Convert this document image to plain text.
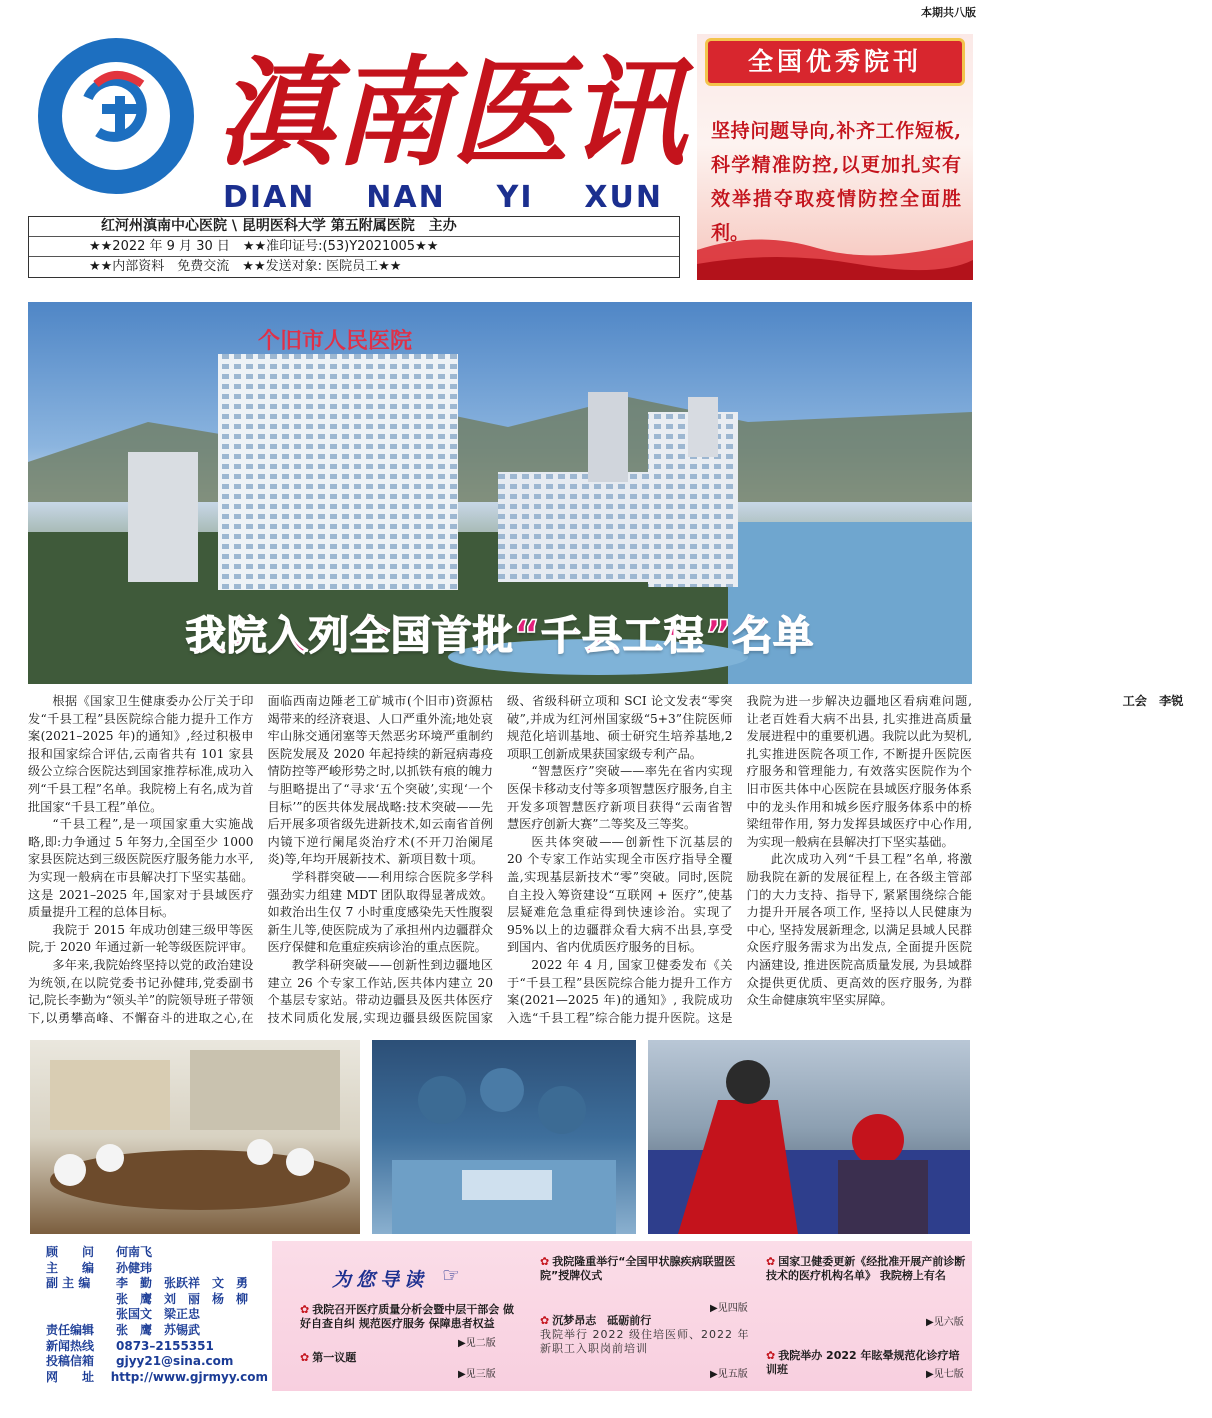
本期共八版
滇 南 医 讯
DIAN NAN YI XUN
红河州滇南中心医院 \ 昆明医科大学 第五附属医院　主办
★★2022 年 9 月 30 日　★★准印证号:(53)Y2021005★★
★★内部资料　免费交流　★★发送对象: 医院员工★★
全国优秀院刊
坚持问题导向,补齐工作短板,科学精准防控,以更加扎实有效举措夺取疫情防控全面胜利。
个旧市人民医院
我院入列全国首批“千县工程”名单

根据《国家卫生健康委办公厅关于印发“千县工程”县医院综合能力提升工作方案(2021–2025 年)的通知》,经过积极申报和国家综合评估,云南省共有 101 家县级公立综合医院达到国家推荐标准,成功入列“千县工程”名单。我院榜上有名,成为首批国家“千县工程”单位。

“千县工程”,是一项国家重大实施战略,即:力争通过 5 年努力,全国至少 1000 家县医院达到三级医院医疗服务能力水平,为实现一般病在市县解决打下坚实基础。这是 2021–2025 年,国家对于县域医疗质量提升工程的总体目标。

我院于 2015 年成功创建三级甲等医院,于 2020 年通过新一轮等级医院评审。

多年来,我院始终坚持以党的政治建设为统领,在以院党委书记孙健玮,党委副书记,院长李勤为“领头羊”的院领导班子带领下,以勇攀高峰、不懈奋斗的进取之心,在面临西南边陲老工矿城市(个旧市)资源枯竭带来的经济衰退、人口严重外流;地处哀牢山脉交通闭塞等天然恶劣环境严重制约医院发展及 2020 年起持续的新冠病毒疫情防控等严峻形势之时,以抓铁有痕的魄力与胆略提出了“寻求‘五个突破’,实现‘一个目标’”的医共体发展战略:技术突破——先后开展多项省级先进新技术,如云南省首例内镜下逆行阑尾炎治疗术(不开刀治阑尾炎)等,年均开展新技术、新项目数十项。

学科群突破——利用综合医院多学科强劲实力组建 MDT 团队取得显著成效。如救治出生仅 7 小时重度感染先天性腹裂新生儿等,使医院成为了承担州内边疆群众医疗保健和危重症疾病诊治的重点医院。

教学科研突破——创新性到边疆地区建立 26 个专家工作站,医共体内建立 20 个基层专家站。带动边疆县及医共体医疗技术同质化发展,实现边疆县级医院国家级、省级科研立项和 SCI 论文发表“零突破”,并成为红河州国家级“5+3”住院医师规范化培训基地、硕士研究生培养基地,2 项职工创新成果获国家级专利产品。

“智慧医疗”突破——率先在省内实现医保卡移动支付等多项智慧医疗服务,自主开发多项智慧医疗新项目获得“云南省智慧医疗创新大赛”二等奖及三等奖。

医共体突破——创新性下沉基层的 20 个专家工作站实现全市医疗指导全覆盖,实现基层新技术“零”突破。同时,医院自主投入筹资建设“互联网 + 医疗”,使基层疑难危急重症得到快速诊治。实现了 95%以上的边疆群众看大病不出县,享受到国内、省内优质医疗服务的目标。

2022 年 4 月, 国家卫健委发布《关于“千县工程”县医院综合能力提升工作方案(2021—2025 年)的通知》, 我院成功入选“千县工程”综合能力提升医院。这是我院为进一步解决边疆地区看病难问题, 让老百姓看大病不出县, 扎实推进高质量发展进程中的重要机遇。我院以此为契机, 扎实推进医院各项工作, 不断提升医院医疗服务和管理能力, 有效落实医院作为个旧市医共体中心医院在县域医疗服务体系中的龙头作用和城乡医疗服务体系中的桥梁纽带作用, 努力发挥县域医疗中心作用, 为实现一般病在县解决打下坚实基础。

此次成功入列“千县工程”名单, 将激励我院在新的发展征程上, 在各级主管部门的大力支持、指导下, 紧紧围绕综合能力提升开展各项工作, 坚持以人民健康为中心, 坚持发展新理念, 以满足县域人民群众医疗服务需求为出发点, 全面提升医院内涵建设, 推进医院高质量发展, 为县域群众提供更优质、更高效的医疗服务, 为群众生命健康筑牢坚实屏障。

工会　李锐
顾　　问	何南飞
主　　编	孙健玮
副 主 编	李　勤　张跃祥　文　勇
张　鹰　刘　丽　杨　柳
张国文　梁正忠
责任编辑	张　鹰　苏锡武
新闻热线	0873–2155351
投稿信箱	gjyy21@sina.com
网　　址	http://www.gjrmyy.com
为您导读 ☞
✿ 我院召开医疗质量分析会暨中层干部会 做好自查自纠 规范医疗服务 保障患者权益
▶见二版
✿ 第一议题
▶见三版
✿ 我院隆重举行“全国甲状腺疾病联盟医院”授牌仪式
▶见四版
✿ 沉梦昂志　砥砺前行
我院举行 2022 级住培医师、2022 年新职工入职岗前培训
▶见五版
✿ 国家卫健委更新《经批准开展产前诊断技术的医疗机构名单》 我院榜上有名
▶见六版
✿ 我院举办 2022 年眩晕规范化诊疗培训班	▶见七版
